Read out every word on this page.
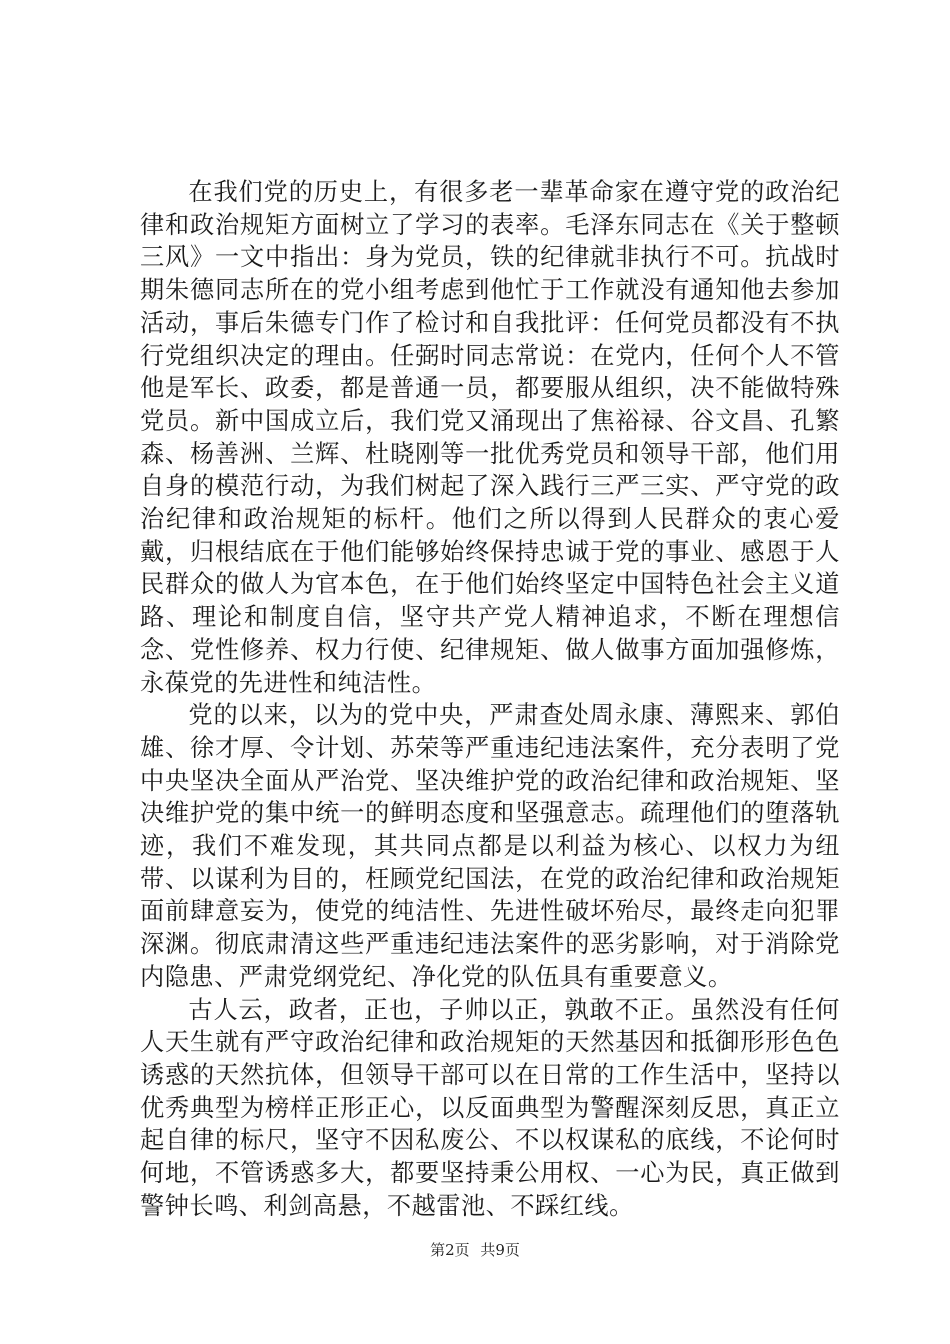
在我们党的历史上，有很多老一辈革命家在遵守党的政治纪律和政治规矩方面树立了学习的表率。毛泽东同志在《关于整顿三风》一文中指出：身为党员，铁的纪律就非执行不可。抗战时期朱德同志所在的党小组考虑到他忙于工作就没有通知他去参加活动，事后朱德专门作了检讨和自我批评：任何党员都没有不执行党组织决定的理由。任弼时同志常说：在党内，任何个人不管他是军长、政委，都是普通一员，都要服从组织，决不能做特殊党员。新中国成立后，我们党又涌现出了焦裕禄、谷文昌、孔繁森、杨善洲、兰辉、杜晓刚等一批优秀党员和领导干部，他们用自身的模范行动，为我们树起了深入践行三严三实、严守党的政治纪律和政治规矩的标杆。他们之所以得到人民群众的衷心爱戴，归根结底在于他们能够始终保持忠诚于党的事业、感恩于人民群众的做人为官本色，在于他们始终坚定中国特色社会主义道路、理论和制度自信，坚守共产党人精神追求，不断在理想信念、党性修养、权力行使、纪律规矩、做人做事方面加强修炼，永葆党的先进性和纯洁性。

党的以来，以为的党中央，严肃查处周永康、薄熙来、郭伯雄、徐才厚、令计划、苏荣等严重违纪违法案件，充分表明了党中央坚决全面从严治党、坚决维护党的政治纪律和政治规矩、坚决维护党的集中统一的鲜明态度和坚强意志。疏理他们的堕落轨迹，我们不难发现，其共同点都是以利益为核心、以权力为纽带、以谋利为目的，枉顾党纪国法，在党的政治纪律和政治规矩面前肆意妄为，使党的纯洁性、先进性破坏殆尽，最终走向犯罪深渊。彻底肃清这些严重违纪违法案件的恶劣影响，对于消除党内隐患、严肃党纲党纪、净化党的队伍具有重要意义。

古人云，政者，正也，子帅以正，孰敢不正。虽然没有任何人天生就有严守政治纪律和政治规矩的天然基因和抵御形形色色诱惑的天然抗体，但领导干部可以在日常的工作生活中，坚持以优秀典型为榜样正形正心，以反面典型为警醒深刻反思，真正立起自律的标尺，坚守不因私废公、不以权谋私的底线，不论何时何地，不管诱惑多大，都要坚持秉公用权、一心为民，真正做到警钟长鸣、利剑高悬，不越雷池、不踩红线。

第2页 共9页
